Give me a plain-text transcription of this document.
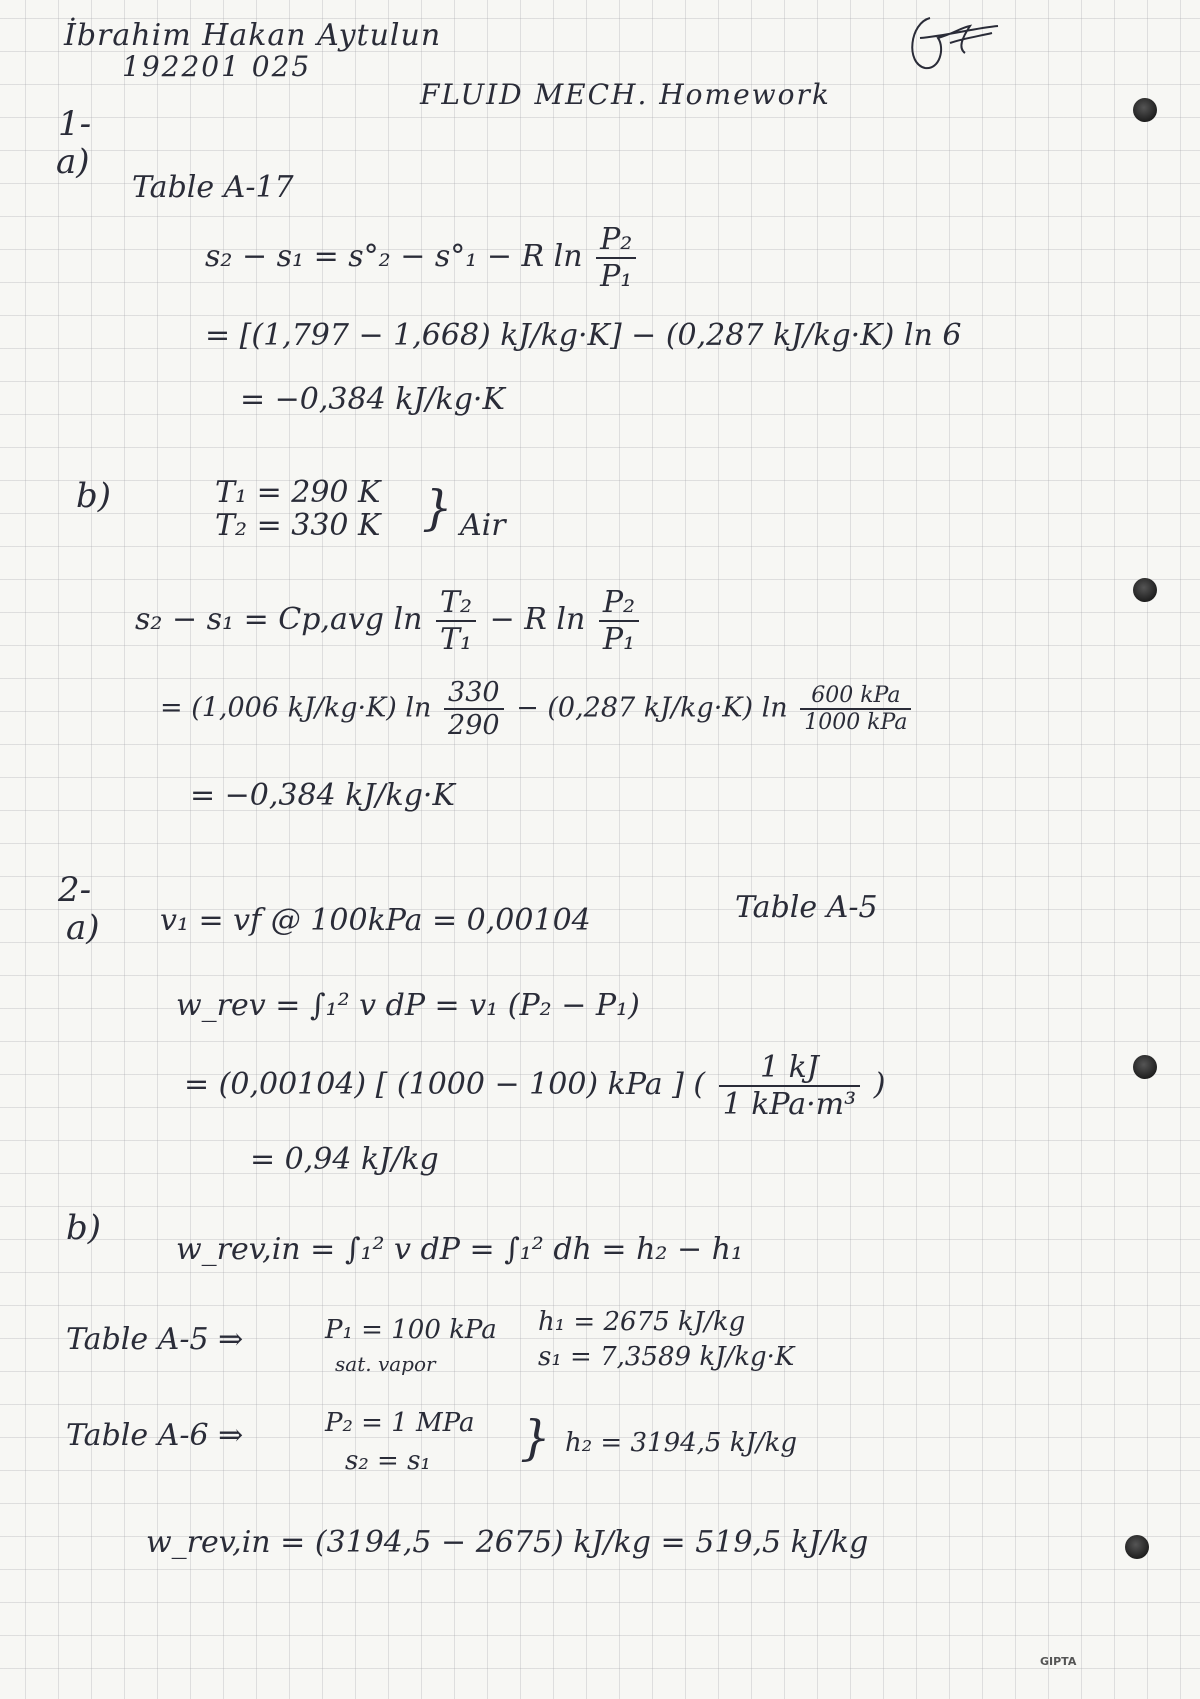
İbrahim Hakan Aytulun
192201 025
FLUID MECH. Homework
1-
a)
Table A-17
s₂ − s₁ = s°₂ − s°₁ − R $\ln \frac{\text{P₂}}{\text{P₁}}$
= [(1,797 − 1,668) kJ/kg·K] − (0,287 kJ/kg·K) ln 6
= −0,384 kJ/kg·K
b)	T₁ = 290 K
T₂ = 330 K } Air
s₂ − s₁ = Cp,avg $\ln \frac{\text{T₂}}{\text{T₁}} - R$ $\ln \frac{\text{P₂}}{\text{P₁}}$
= (1,006 kJ/kg·K) $\ln \frac{330}{290} - (0,287$ kJ/kg·K) $\ln \frac{\text{600 kPa}}{\text{1000 kPa}}$
= −0,384 kJ/kg·K
2-
a) v₁ = vf @ 100kPa = 0,00104	Table A-5
w_rev = ∫₁² v dP = v₁ (P₂ − P₁)
= (0,00104) [ (1000 − 100) kPa ] ( $\frac{1 kJ}{\text{1 kPa·m³}}$ )
= 0,94 kJ/kg
b)
w_rev,in = ∫₁² v dP = ∫₁² dh = h₂ − h₁
Table A-5 ⇒	P₁ = 100 kPa
sat. vapor
h₁ = 2675 kJ/kg
s₁ = 7,3589 kJ/kg·K
Table A-6 ⇒	P₂ = 1 MPa
s₂ = s₁ } h₂ = 3194,5 kJ/kg
w_rev,in = (3194,5 − 2675) kJ/kg = 519,5 kJ/kg
GIPTA
